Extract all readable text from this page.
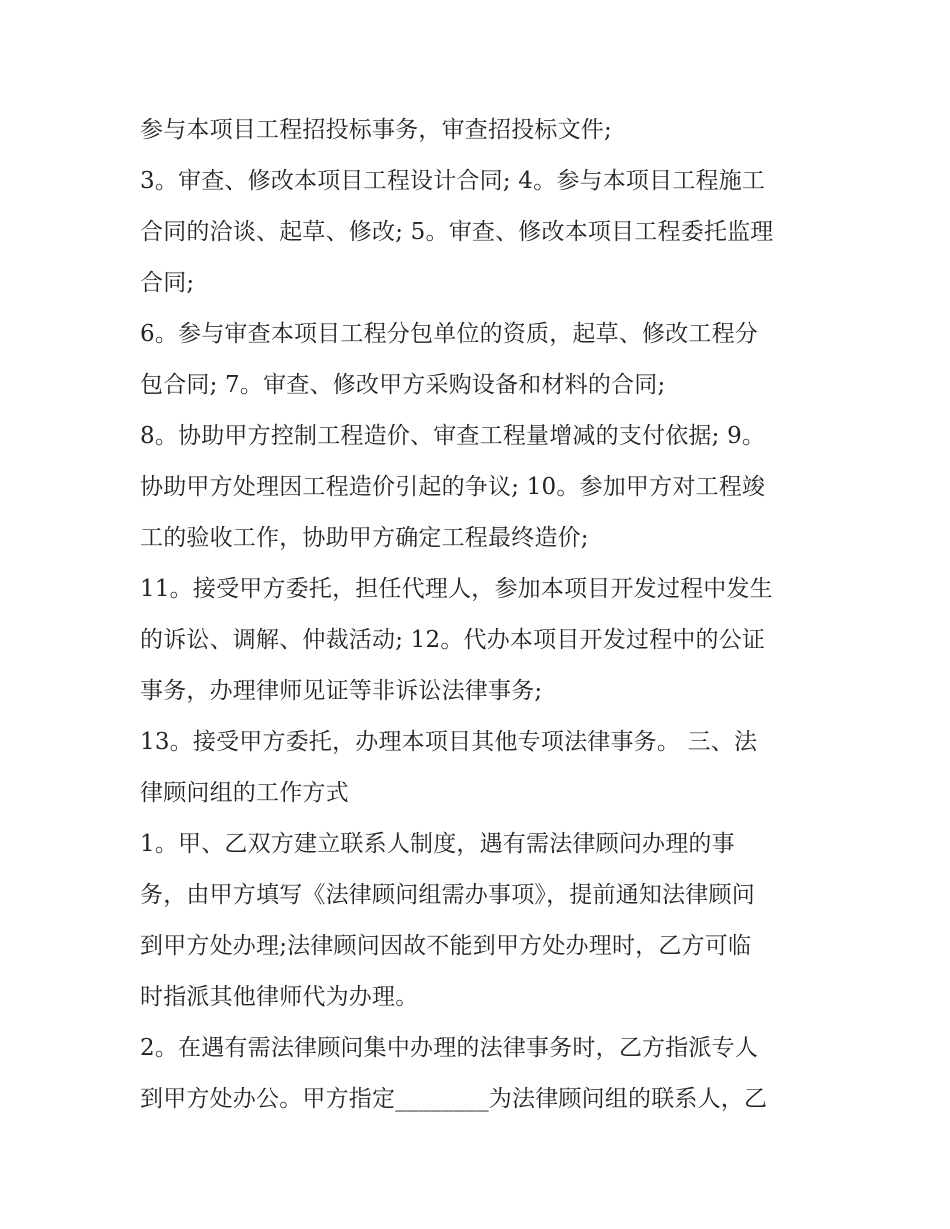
参与本项目工程招投标事务，审查招投标文件;
3。审查、修改本项目工程设计合同; 4。参与本项目工程施工
合同的洽谈、起草、修改; 5。审查、修改本项目工程委托监理
合同;
6。参与审查本项目工程分包单位的资质，起草、修改工程分
包合同; 7。审查、修改甲方采购设备和材料的合同;
8。协助甲方控制工程造价、审查工程量增减的支付依据; 9。
协助甲方处理因工程造价引起的争议; 10。参加甲方对工程竣
工的验收工作，协助甲方确定工程最终造价;
11。接受甲方委托，担任代理人，参加本项目开发过程中发生
的诉讼、调解、仲裁活动; 12。代办本项目开发过程中的公证
事务，办理律师见证等非诉讼法律事务;
13。接受甲方委托，办理本项目其他专项法律事务。 三、法
律顾问组的工作方式
1。甲、乙双方建立联系人制度，遇有需法律顾问办理的事
务，由甲方填写《法律顾问组需办事项》，提前通知法律顾问
到甲方处办理;法律顾问因故不能到甲方处办理时，乙方可临
时指派其他律师代为办理。
2。在遇有需法律顾问集中办理的法律事务时，乙方指派专人
到甲方处办公。甲方指定________为法律顾问组的联系人，乙
